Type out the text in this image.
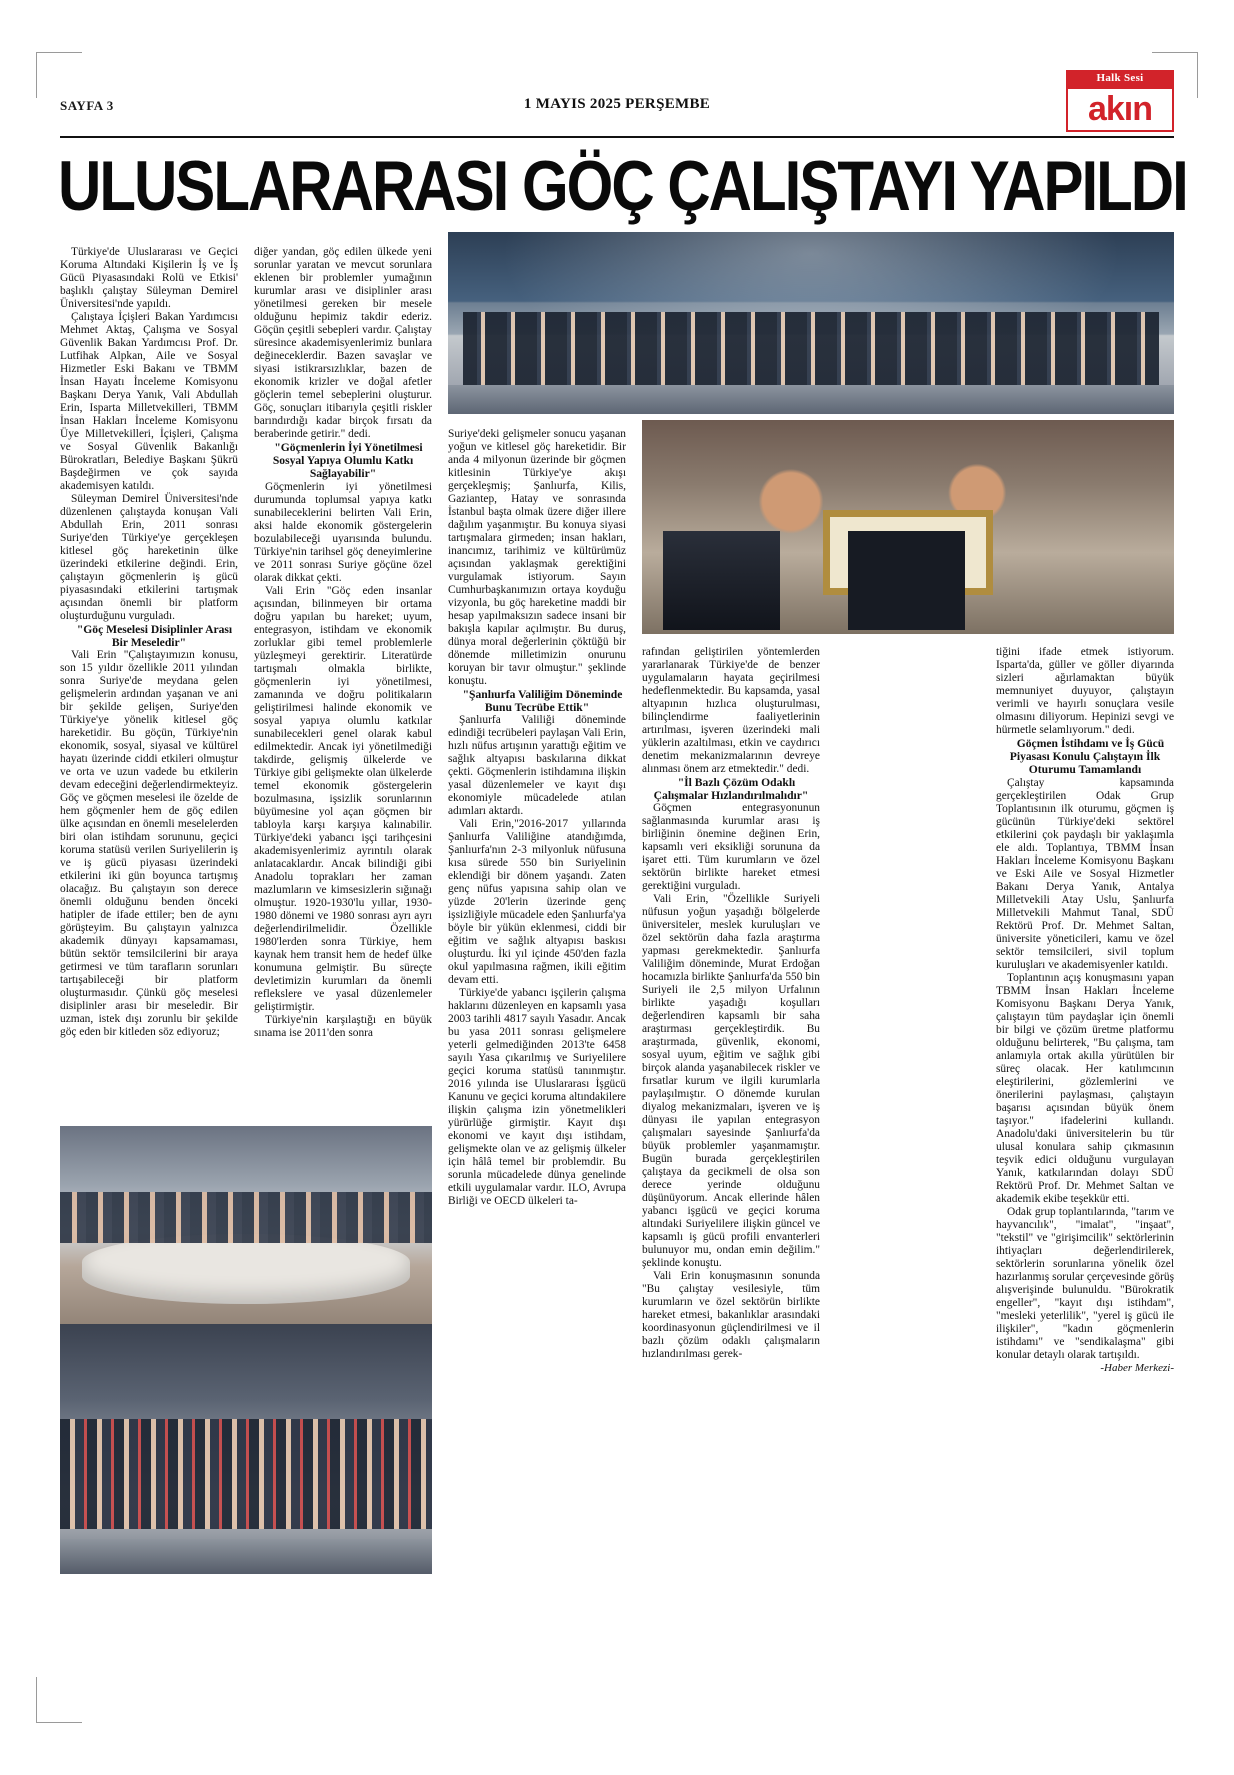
SAYFA 3	1 MAYIS 2025 PERŞEMBE
Halk Sesi
akın
ULUSLARARASI GÖÇ ÇALIŞTAYI YAPILDI

Türkiye'de Uluslararası ve Geçici Koruma Altındaki Kişilerin İş ve İş Gücü Piyasasındaki Rolü ve Etkisi' başlıklı çalıştay Süleyman Demirel Üniversitesi'nde yapıldı.

Çalıştaya İçişleri Bakan Yardımcısı Mehmet Aktaş, Çalışma ve Sosyal Güvenlik Bakan Yardımcısı Prof. Dr. Lutfihak Alpkan, Aile ve Sosyal Hizmetler Eski Bakanı ve TBMM İnsan Hayatı İnceleme Komisyonu Başkanı Derya Yanık, Vali Abdullah Erin, Isparta Milletvekilleri, TBMM İnsan Hakları İnceleme Komisyonu Üye Milletvekilleri, İçişleri, Çalışma ve Sosyal Güvenlik Bakanlığı Bürokratları, Belediye Başkanı Şükrü Başdeğirmen ve çok sayıda akademisyen katıldı.

Süleyman Demirel Üniversitesi'nde düzenlenen çalıştayda konuşan Vali Abdullah Erin, 2011 sonrası Suriye'den Türkiye'ye gerçekleşen kitlesel göç hareketinin ülke üzerindeki etkilerine değindi. Erin, çalıştayın göçmenlerin iş gücü piyasasındaki etkilerini tartışmak açısından önemli bir platform oluşturduğunu vurguladı.

"Göç Meselesi Disiplinler Arası Bir Meseledir"

Vali Erin "Çalıştayımızın konusu, son 15 yıldır özellikle 2011 yılından sonra Suriye'de meydana gelen gelişmelerin ardından yaşanan ve ani bir şekilde gelişen, Suriye'den Türkiye'ye yönelik kitlesel göç hareketidir. Bu göçün, Türkiye'nin ekonomik, sosyal, siyasal ve kültürel hayatı üzerinde ciddi etkileri olmuştur ve orta ve uzun vadede bu etkilerin devam edeceğini değerlendirmekteyiz. Göç ve göçmen meselesi ile özelde de hem göçmenler hem de göç edilen ülke açısından en önemli meselelerden biri olan istihdam sorununu, geçici koruma statüsü verilen Suriyelilerin iş ve iş gücü piyasası üzerindeki etkilerini iki gün boyunca tartışmış olacağız. Bu çalıştayın son derece önemli olduğunu benden önceki hatipler de ifade ettiler; ben de aynı görüşteyim. Bu çalıştayın yalnızca akademik dünyayı kapsamaması, bütün sektör temsilcilerini bir araya getirmesi ve tüm tarafların sorunları tartışabileceği bir platform oluşturmasıdır. Çünkü göç meselesi disiplinler arası bir meseledir. Bir uzman, istek dışı zorunlu bir şekilde göç eden bir kitleden söz ediyoruz;

diğer yandan, göç edilen ülkede yeni sorunlar yaratan ve mevcut sorunlara eklenen bir problemler yumağının kurumlar arası ve disiplinler arası yönetilmesi gereken bir mesele olduğunu hepimiz takdir ederiz. Göçün çeşitli sebepleri vardır. Çalıştay süresince akademisyenlerimiz bunlara değineceklerdir. Bazen savaşlar ve siyasi istikrarsızlıklar, bazen de ekonomik krizler ve doğal afetler göçlerin temel sebeplerini oluşturur. Göç, sonuçları itibarıyla çeşitli riskler barındırdığı kadar birçok fırsatı da beraberinde getirir." dedi.

"Göçmenlerin İyi Yönetilmesi Sosyal Yapıya Olumlu Katkı Sağlayabilir"

Göçmenlerin iyi yönetilmesi durumunda toplumsal yapıya katkı sunabileceklerini belirten Vali Erin, aksi halde ekonomik göstergelerin bozulabileceği uyarısında bulundu. Türkiye'nin tarihsel göç deneyimlerine ve 2011 sonrası Suriye göçüne özel olarak dikkat çekti.

Vali Erin "Göç eden insanlar açısından, bilinmeyen bir ortama doğru yapılan bu hareket; uyum, entegrasyon, istihdam ve ekonomik zorluklar gibi temel problemlerle yüzleşmeyi gerektirir. Literatürde tartışmalı olmakla birlikte, göçmenlerin iyi yönetilmesi, zamanında ve doğru politikaların geliştirilmesi halinde ekonomik ve sosyal yapıya olumlu katkılar sunabilecekleri genel olarak kabul edilmektedir. Ancak iyi yönetilmediği takdirde, gelişmiş ülkelerde ve Türkiye gibi gelişmekte olan ülkelerde temel ekonomik göstergelerin bozulmasına, işsizlik sorunlarının büyümesine yol açan göçmen bir tabloyla karşı karşıya kalınabilir. Türkiye'deki yabancı işçi tarihçesini akademisyenlerimiz ayrıntılı olarak anlatacaklardır. Ancak bilindiği gibi Anadolu toprakları her zaman mazlumların ve kimsesizlerin sığınağı olmuştur. 1920-1930'lu yıllar, 1930-1980 dönemi ve 1980 sonrası ayrı ayrı değerlendirilmelidir. Özellikle 1980'lerden sonra Türkiye, hem kaynak hem transit hem de hedef ülke konumuna gelmiştir. Bu süreçte devletimizin kurumları da önemli reflekslere ve yasal düzenlemeler geliştirmiştir.

Türkiye'nin karşılaştığı en büyük sınama ise 2011'den sonra

Suriye'deki gelişmeler sonucu yaşanan yoğun ve kitlesel göç hareketidir. Bir anda 4 milyonun üzerinde bir göçmen kitlesinin Türkiye'ye akışı gerçekleşmiş; Şanlıurfa, Kilis, Gaziantep, Hatay ve sonrasında İstanbul başta olmak üzere diğer illere dağılım yaşanmıştır. Bu konuya siyasi tartışmalara girmeden; insan hakları, inancımız, tarihimiz ve kültürümüz açısından yaklaşmak gerektiğini vurgulamak istiyorum. Sayın Cumhurbaşkanımızın ortaya koyduğu vizyonla, bu göç hareketine maddi bir hesap yapılmaksızın sadece insani bir bakışla kapılar açılmıştır. Bu duruş, dünya moral değerlerinin çöktüğü bir dönemde milletimizin onurunu koruyan bir tavır olmuştur." şeklinde konuştu.

"Şanlıurfa Valiliğim Döneminde Bunu Tecrübe Ettik"

Şanlıurfa Valiliği döneminde edindiği tecrübeleri paylaşan Vali Erin, hızlı nüfus artışının yarattığı eğitim ve sağlık altyapısı baskılarına dikkat çekti. Göçmenlerin istihdamına ilişkin yasal düzenlemeler ve kayıt dışı ekonomiyle mücadelede atılan adımları aktardı.

Vali Erin,"2016-2017 yıllarında Şanlıurfa Valiliğine atandığımda, Şanlıurfa'nın 2-3 milyonluk nüfusuna kısa sürede 550 bin Suriyelinin eklendiği bir dönem yaşandı. Zaten genç nüfus yapısına sahip olan ve yüzde 20'lerin üzerinde genç işsizliğiyle mücadele eden Şanlıurfa'ya böyle bir yükün eklenmesi, ciddi bir eğitim ve sağlık altyapısı baskısı oluşturdu. İki yıl içinde 450'den fazla okul yapılmasına rağmen, ikili eğitim devam etti.

Türkiye'de yabancı işçilerin çalışma haklarını düzenleyen en kapsamlı yasa 2003 tarihli 4817 sayılı Yasadır. Ancak bu yasa 2011 sonrası gelişmelere yeterli gelmediğinden 2013'te 6458 sayılı Yasa çıkarılmış ve Suriyelilere geçici koruma statüsü tanınmıştır. 2016 yılında ise Uluslararası İşgücü Kanunu ve geçici koruma altındakilere ilişkin çalışma izin yönetmelikleri yürürlüğe girmiştir. Kayıt dışı ekonomi ve kayıt dışı istihdam, gelişmekte olan ve az gelişmiş ülkeler için hâlâ temel bir problemdir. Bu sorunla mücadelede dünya genelinde etkili uygulamalar vardır. ILO, Avrupa Birliği ve OECD ülkeleri ta-

rafından geliştirilen yöntemlerden yararlanarak Türkiye'de de benzer uygulamaların hayata geçirilmesi hedeflenmektedir. Bu kapsamda, yasal altyapının hızlıca oluşturulması, bilinçlendirme faaliyetlerinin artırılması, işveren üzerindeki mali yüklerin azaltılması, etkin ve caydırıcı denetim mekanizmalarının devreye alınması önem arz etmektedir." dedi.

"İl Bazlı Çözüm Odaklı Çalışmalar Hızlandırılmalıdır"

Göçmen entegrasyonunun sağlanmasında kurumlar arası iş birliğinin önemine değinen Erin, kapsamlı veri eksikliği sorununa da işaret etti. Tüm kurumların ve özel sektörün birlikte hareket etmesi gerektiğini vurguladı.

Vali Erin, "Özellikle Suriyeli nüfusun yoğun yaşadığı bölgelerde üniversiteler, meslek kuruluşları ve özel sektörün daha fazla araştırma yapması gerekmektedir. Şanlıurfa Valiliğim döneminde, Murat Erdoğan hocamızla birlikte Şanlıurfa'da 550 bin Suriyeli ile 2,5 milyon Urfalının birlikte yaşadığı koşulları değerlendiren kapsamlı bir saha araştırması gerçekleştirdik. Bu araştırmada, güvenlik, ekonomi, sosyal uyum, eğitim ve sağlık gibi birçok alanda yaşanabilecek riskler ve fırsatlar kurum ve ilgili kurumlarla paylaşılmıştır. O dönemde kurulan diyalog mekanizmaları, işveren ve iş dünyası ile yapılan entegrasyon çalışmaları sayesinde Şanlıurfa'da büyük problemler yaşanmamıştır. Bugün burada gerçekleştirilen çalıştaya da gecikmeli de olsa son derece yerinde olduğunu düşünüyorum. Ancak ellerinde hâlen yabancı işgücü ve geçici koruma altındaki Suriyelilere ilişkin güncel ve kapsamlı iş gücü profili envanterleri bulunuyor mu, ondan emin değilim." şeklinde konuştu.

Vali Erin konuşmasının sonunda "Bu çalıştay vesilesiyle, tüm kurumların ve özel sektörün birlikte hareket etmesi, bakanlıklar arasındaki koordinasyonun güçlendirilmesi ve il bazlı çözüm odaklı çalışmaların hızlandırılması gerek-

tiğini ifade etmek istiyorum. Isparta'da, güller ve göller diyarında sizleri ağırlamaktan büyük memnuniyet duyuyor, çalıştayın verimli ve hayırlı sonuçlara vesile olmasını diliyorum. Hepinizi sevgi ve hürmetle selamlıyorum." dedi.

Göçmen İstihdamı ve İş Gücü Piyasası Konulu Çalıştayın İlk Oturumu Tamamlandı

Çalıştay kapsamında gerçekleştirilen Odak Grup Toplantısının ilk oturumu, göçmen iş gücünün Türkiye'deki sektörel etkilerini çok paydaşlı bir yaklaşımla ele aldı. Toplantıya, TBMM İnsan Hakları İnceleme Komisyonu Başkanı ve Eski Aile ve Sosyal Hizmetler Bakanı Derya Yanık, Antalya Milletvekili Atay Uslu, Şanlıurfa Milletvekili Mahmut Tanal, SDÜ Rektörü Prof. Dr. Mehmet Saltan, üniversite yöneticileri, kamu ve özel sektör temsilcileri, sivil toplum kuruluşları ve akademisyenler katıldı.

Toplantının açış konuşmasını yapan TBMM İnsan Hakları İnceleme Komisyonu Başkanı Derya Yanık, çalıştayın tüm paydaşlar için önemli bir bilgi ve çözüm üretme platformu olduğunu belirterek, "Bu çalışma, tam anlamıyla ortak akılla yürütülen bir süreç olacak. Her katılımcının eleştirilerini, gözlemlerini ve önerilerini paylaşması, çalıştayın başarısı açısından büyük önem taşıyor." ifadelerini kullandı. Anadolu'daki üniversitelerin bu tür ulusal konulara sahip çıkmasının teşvik edici olduğunu vurgulayan Yanık, katkılarından dolayı SDÜ Rektörü Prof. Dr. Mehmet Saltan ve akademik ekibe teşekkür etti.

Odak grup toplantılarında, "tarım ve hayvancılık", "imalat", "inşaat", "tekstil" ve "girişimcilik" sektörlerinin ihtiyaçları değerlendirilerek, sektörlerin sorunlarına yönelik özel hazırlanmış sorular çerçevesinde görüş alışverişinde bulunuldu. "Bürokratik engeller", "kayıt dışı istihdam", "mesleki yeterlilik", "yerel iş gücü ile ilişkiler", "kadın göçmenlerin istihdamı" ve "sendikalaşma" gibi konular detaylı olarak tartışıldı.

-Haber Merkezi-
